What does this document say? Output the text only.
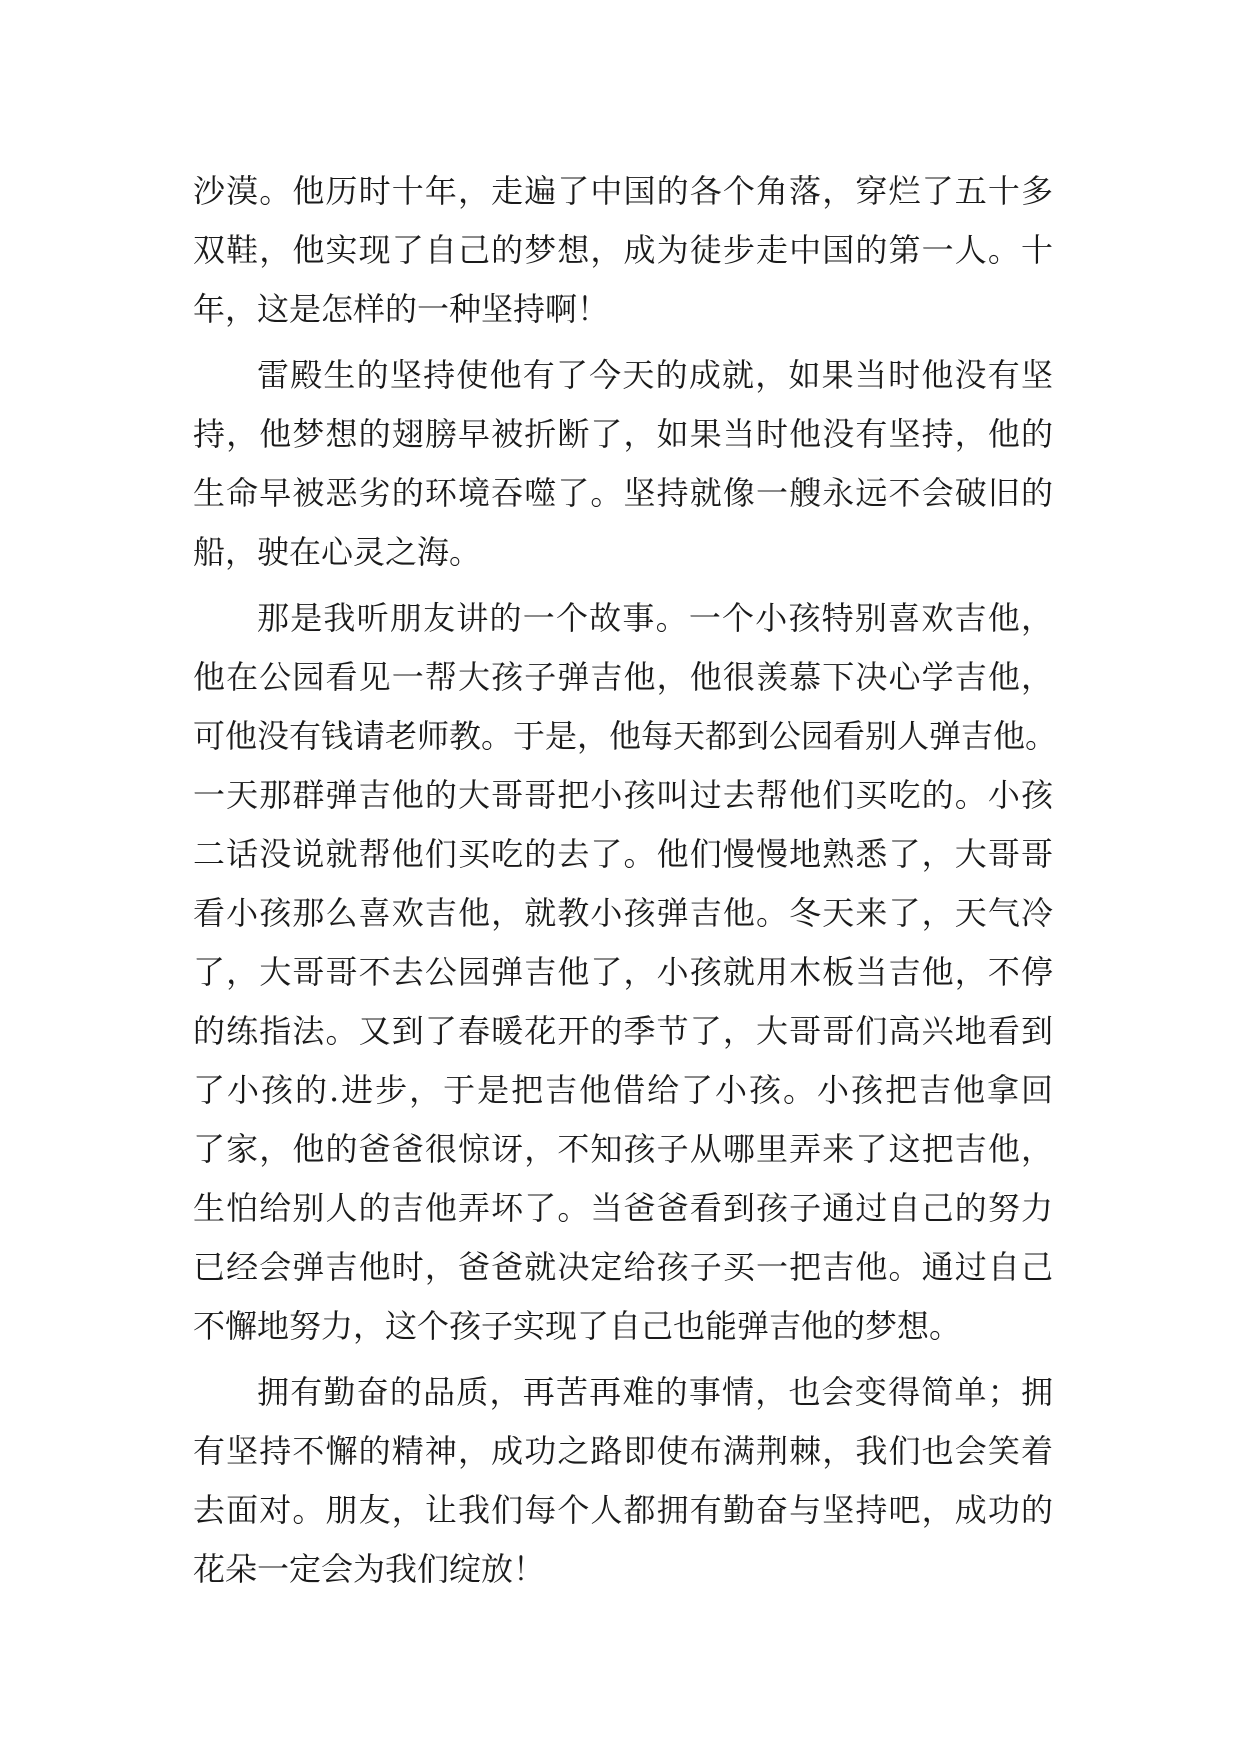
沙漠。他历时十年，走遍了中国的各个角落，穿烂了五十多
双鞋，他实现了自己的梦想，成为徒步走中国的第一人。十
年，这是怎样的一种坚持啊！
雷殿生的坚持使他有了今天的成就，如果当时他没有坚
持，他梦想的翅膀早被折断了，如果当时他没有坚持，他的
生命早被恶劣的环境吞噬了。坚持就像一艘永远不会破旧的
船，驶在心灵之海。
那是我听朋友讲的一个故事。一个小孩特别喜欢吉他，
他在公园看见一帮大孩子弹吉他，他很羡慕下决心学吉他，
可他没有钱请老师教。于是，他每天都到公园看别人弹吉他。
一天那群弹吉他的大哥哥把小孩叫过去帮他们买吃的。小孩
二话没说就帮他们买吃的去了。他们慢慢地熟悉了，大哥哥
看小孩那么喜欢吉他，就教小孩弹吉他。冬天来了，天气冷
了，大哥哥不去公园弹吉他了，小孩就用木板当吉他，不停
的练指法。又到了春暖花开的季节了，大哥哥们高兴地看到
了小孩的.进步，于是把吉他借给了小孩。小孩把吉他拿回
了家，他的爸爸很惊讶，不知孩子从哪里弄来了这把吉他，
生怕给别人的吉他弄坏了。当爸爸看到孩子通过自己的努力
已经会弹吉他时，爸爸就决定给孩子买一把吉他。通过自己
不懈地努力，这个孩子实现了自己也能弹吉他的梦想。
拥有勤奋的品质，再苦再难的事情，也会变得简单；拥
有坚持不懈的精神，成功之路即使布满荆棘，我们也会笑着
去面对。朋友，让我们每个人都拥有勤奋与坚持吧，成功的
花朵一定会为我们绽放！
